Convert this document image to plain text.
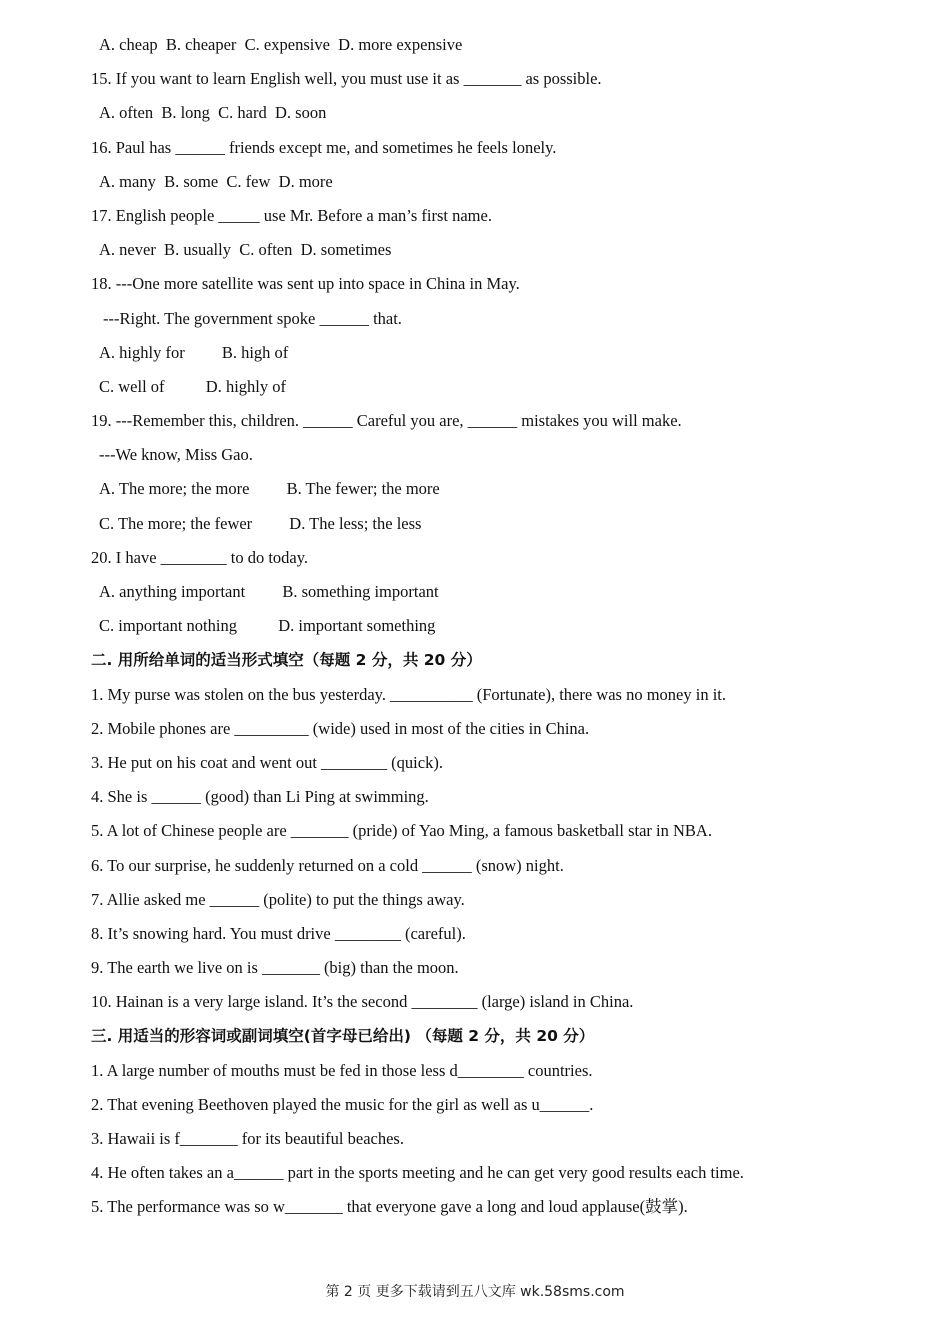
A. cheap  B. cheaper  C. expensive  D. more expensive
15. If you want to learn English well, you must use it as _______ as possible.
A. often  B. long  C. hard  D. soon
16. Paul has ______ friends except me, and sometimes he feels lonely.
A. many  B. some  C. few  D. more
17. English people _____ use Mr. Before a man’s first name.
A. never  B. usually  C. often  D. sometimes
18. ---One more satellite was sent up into space in China in May.
---Right. The government spoke ______ that.
A. highly for         B. high of
C. well of          D. highly of
19. ---Remember this, children. ______ Careful you are, ______ mistakes you will make.
---We know, Miss Gao.
A. The more; the more         B. The fewer; the more
C. The more; the fewer         D. The less; the less
20. I have ________ to do today.
A. anything important         B. something important
C. important nothing          D. important something
二. 用所给单词的适当形式填空（每题 2 分，共 20 分）
1. My purse was stolen on the bus yesterday. __________ (Fortunate), there was no money in it.
2. Mobile phones are _________ (wide) used in most of the cities in China.
3. He put on his coat and went out ________ (quick).
4. She is ______ (good) than Li Ping at swimming.
5. A lot of Chinese people are _______ (pride) of Yao Ming, a famous basketball star in NBA.
6. To our surprise, he suddenly returned on a cold ______ (snow) night.
7. Allie asked me ______ (polite) to put the things away.
8. It’s snowing hard. You must drive ________ (careful).
9. The earth we live on is _______ (big) than the moon.
10. Hainan is a very large island. It’s the second ________ (large) island in China.
三. 用适当的形容词或副词填空(首字母已给出) （每题 2 分，共 20 分）
1. A large number of mouths must be fed in those less d________ countries.
2. That evening Beethoven played the music for the girl as well as u______.
3. Hawaii is f_______ for its beautiful beaches.
4. He often takes an a______ part in the sports meeting and he can get very good results each time.
5. The performance was so w_______ that everyone gave a long and loud applause(鼓掌).
第 2 页 更多下载请到五八文库 wk.58sms.com
